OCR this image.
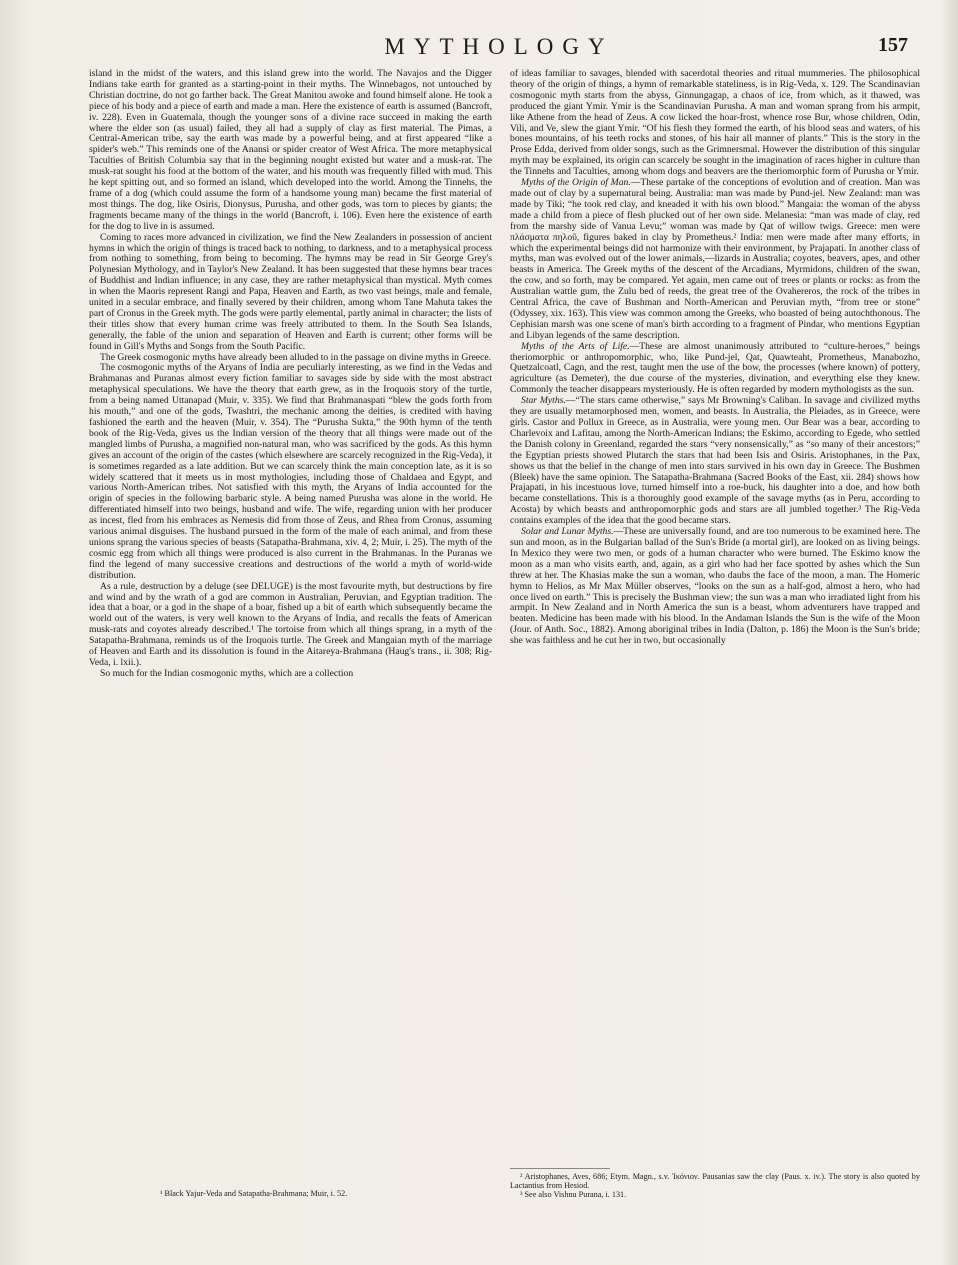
MYTHOLOGY	157

island in the midst of the waters, and this island grew into the world. The Navajos and the Digger Indians take earth for granted as a starting-point in their myths. The Winnebagos, not untouched by Christian doctrine, do not go farther back. The Great Manitou awoke and found himself alone. He took a piece of his body and a piece of earth and made a man. Here the existence of earth is assumed (Bancroft, iv. 228). Even in Guatemala, though the younger sons of a divine race succeed in making the earth where the elder son (as usual) failed, they all had a supply of clay as first material. The Pimas, a Central-American tribe, say the earth was made by a powerful being, and at first appeared “like a spider's web.” This reminds one of the Anansi or spider creator of West Africa. The more metaphysical Taculties of British Columbia say that in the beginning nought existed but water and a musk-rat. The musk-rat sought his food at the bottom of the water, and his mouth was frequently filled with mud. This he kept spitting out, and so formed an island, which developed into the world. Among the Tinnehs, the frame of a dog (which could assume the form of a handsome young man) became the first material of most things. The dog, like Osiris, Dionysus, Purusha, and other gods, was torn to pieces by giants; the fragments became many of the things in the world (Bancroft, i. 106). Even here the existence of earth for the dog to live in is assumed.

Coming to races more advanced in civilization, we find the New Zealanders in possession of ancient hymns in which the origin of things is traced back to nothing, to darkness, and to a metaphysical process from nothing to something, from being to becoming. The hymns may be read in Sir George Grey's Polynesian Mythology, and in Taylor's New Zealand. It has been suggested that these hymns bear traces of Buddhist and Indian influence; in any case, they are rather metaphysical than mystical. Myth comes in when the Maoris represent Rangi and Papa, Heaven and Earth, as two vast beings, male and female, united in a secular embrace, and finally severed by their children, among whom Tane Mahuta takes the part of Cronus in the Greek myth. The gods were partly elemental, partly animal in character; the lists of their titles show that every human crime was freely attributed to them. In the South Sea Islands, generally, the fable of the union and separation of Heaven and Earth is current; other forms will be found in Gill's Myths and Songs from the South Pacific.

The Greek cosmogonic myths have already been alluded to in the passage on divine myths in Greece.

The cosmogonic myths of the Aryans of India are peculiarly interesting, as we find in the Vedas and Brahmanas and Puranas almost every fiction familiar to savages side by side with the most abstract metaphysical speculations. We have the theory that earth grew, as in the Iroquois story of the turtle, from a being named Uttanapad (Muir, v. 335). We find that Brahmanaspati “blew the gods forth from his mouth,” and one of the gods, Twashtri, the mechanic among the deities, is credited with having fashioned the earth and the heaven (Muir, v. 354). The “Purusha Sukta,” the 90th hymn of the tenth book of the Rig-Veda, gives us the Indian version of the theory that all things were made out of the mangled limbs of Purusha, a magnified non-natural man, who was sacrificed by the gods. As this hymn gives an account of the origin of the castes (which elsewhere are scarcely recognized in the Rig-Veda), it is sometimes regarded as a late addition. But we can scarcely think the main conception late, as it is so widely scattered that it meets us in most mythologies, including those of Chaldaea and Egypt, and various North-American tribes. Not satisfied with this myth, the Aryans of India accounted for the origin of species in the following barbaric style. A being named Purusha was alone in the world. He differentiated himself into two beings, husband and wife. The wife, regarding union with her producer as incest, fled from his embraces as Nemesis did from those of Zeus, and Rhea from Cronus, assuming various animal disguises. The husband pursued in the form of the male of each animal, and from these unions sprang the various species of beasts (Satapatha-Brahmana, xiv. 4, 2; Muir, i. 25). The myth of the cosmic egg from which all things were produced is also current in the Brahmanas. In the Puranas we find the legend of many successive creations and destructions of the world a myth of world-wide distribution.

As a rule, destruction by a deluge (see DELUGE) is the most favourite myth, but destructions by fire and wind and by the wrath of a god are common in Australian, Peruvian, and Egyptian tradition. The idea that a boar, or a god in the shape of a boar, fished up a bit of earth which subsequently became the world out of the waters, is very well known to the Aryans of India, and recalls the feats of American musk-rats and coyotes already described.¹ The tortoise from which all things sprang, in a myth of the Satapatha-Brahmana, reminds us of the Iroquois turtle. The Greek and Mangaian myth of the marriage of Heaven and Earth and its dissolution is found in the Aitareya-Brahmana (Haug's trans., ii. 308; Rig-Veda, i. lxii.).

So much for the Indian cosmogonic myths, which are a collection

of ideas familiar to savages, blended with sacerdotal theories and ritual mummeries. The philosophical theory of the origin of things, a hymn of remarkable stateliness, is in Rig-Veda, x. 129. The Scandinavian cosmogonic myth starts from the abyss, Ginnungagap, a chaos of ice, from which, as it thawed, was produced the giant Ymir. Ymir is the Scandinavian Purusha. A man and woman sprang from his armpit, like Athene from the head of Zeus. A cow licked the hoar-frost, whence rose Bur, whose children, Odin, Vili, and Ve, slew the giant Ymir. “Of his flesh they formed the earth, of his blood seas and waters, of his bones mountains, of his teeth rocks and stones, of his hair all manner of plants.” This is the story in the Prose Edda, derived from older songs, such as the Grimnersmal. However the distribution of this singular myth may be explained, its origin can scarcely be sought in the imagination of races higher in culture than the Tinnehs and Taculties, among whom dogs and beavers are the theriomorphic form of Purusha or Ymir.

Myths of the Origin of Man.—These partake of the conceptions of evolution and of creation. Man was made out of clay by a supernatural being. Australia: man was made by Pund-jel. New Zealand: man was made by Tiki; “he took red clay, and kneaded it with his own blood.” Mangaia: the woman of the abyss made a child from a piece of flesh plucked out of her own side. Melanesia: “man was made of clay, red from the marshy side of Vanua Levu;” woman was made by Qat of willow twigs. Greece: men were πλάσματα πηλοῦ, figures baked in clay by Prometheus.² India: men were made after many efforts, in which the experimental beings did not harmonize with their environment, by Prajapati. In another class of myths, man was evolved out of the lower animals,—lizards in Australia; coyotes, beavers, apes, and other beasts in America. The Greek myths of the descent of the Arcadians, Myrmidons, children of the swan, the cow, and so forth, may be compared. Yet again, men came out of trees or plants or rocks: as from the Australian wattle gum, the Zulu bed of reeds, the great tree of the Ovahereros, the rock of the tribes in Central Africa, the cave of Bushman and North-American and Peruvian myth, “from tree or stone” (Odyssey, xix. 163). This view was common among the Greeks, who boasted of being autochthonous. The Cephisian marsh was one scene of man's birth according to a fragment of Pindar, who mentions Egyptian and Libyan legends of the same description.

Myths of the Arts of Life.—These are almost unanimously attributed to “culture-heroes,” beings theriomorphic or anthropomorphic, who, like Pund-jel, Qat, Quawteaht, Prometheus, Manabozho, Quetzalcoatl, Cagn, and the rest, taught men the use of the bow, the processes (where known) of pottery, agriculture (as Demeter), the due course of the mysteries, divination, and everything else they knew. Commonly the teacher disappears mysteriously. He is often regarded by modern mythologists as the sun.

Star Myths.—“The stars came otherwise,” says Mr Browning's Caliban. In savage and civilized myths they are usually metamorphosed men, women, and beasts. In Australia, the Pleiades, as in Greece, were girls. Castor and Pollux in Greece, as in Australia, were young men. Our Bear was a bear, according to Charlevoix and Lafitau, among the North-American Indians; the Eskimo, according to Egede, who settled the Danish colony in Greenland, regarded the stars “very nonsensically,” as “so many of their ancestors;” the Egyptian priests showed Plutarch the stars that had been Isis and Osiris. Aristophanes, in the Pax, shows us that the belief in the change of men into stars survived in his own day in Greece. The Bushmen (Bleek) have the same opinion. The Satapatha-Brahmana (Sacred Books of the East, xii. 284) shows how Prajapati, in his incestuous love, turned himself into a roe-buck, his daughter into a doe, and how both became constellations. This is a thoroughly good example of the savage myths (as in Peru, according to Acosta) by which beasts and anthropomorphic gods and stars are all jumbled together.³ The Rig-Veda contains examples of the idea that the good became stars.

Solar and Lunar Myths.—These are universally found, and are too numerous to be examined here. The sun and moon, as in the Bulgarian ballad of the Sun's Bride (a mortal girl), are looked on as living beings. In Mexico they were two men, or gods of a human character who were burned. The Eskimo know the moon as a man who visits earth, and, again, as a girl who had her face spotted by ashes which the Sun threw at her. The Khasias make the sun a woman, who daubs the face of the moon, a man. The Homeric hymn to Helios, as Mr Max Müller observes, “looks on the sun as a half-god, almost a hero, who had once lived on earth.” This is precisely the Bushman view; the sun was a man who irradiated light from his armpit. In New Zealand and in North America the sun is a beast, whom adventurers have trapped and beaten. Medicine has been made with his blood. In the Andaman Islands the Sun is the wife of the Moon (Jour. of Anth. Soc., 1882). Among aboriginal tribes in India (Dalton, p. 186) the Moon is the Sun's bride; she was faithless and he cut her in two, but occasionally

¹ Black Yajur-Veda and Satapatha-Brahmana; Muir, i. 52.

² Aristophanes, Aves, 686; Etym. Magn., s.v. Ἰκόνιον. Pausanias saw the clay (Paus. x. iv.). The story is also quoted by Lactantius from Hesiod.

³ See also Vishnu Purana, i. 131.
